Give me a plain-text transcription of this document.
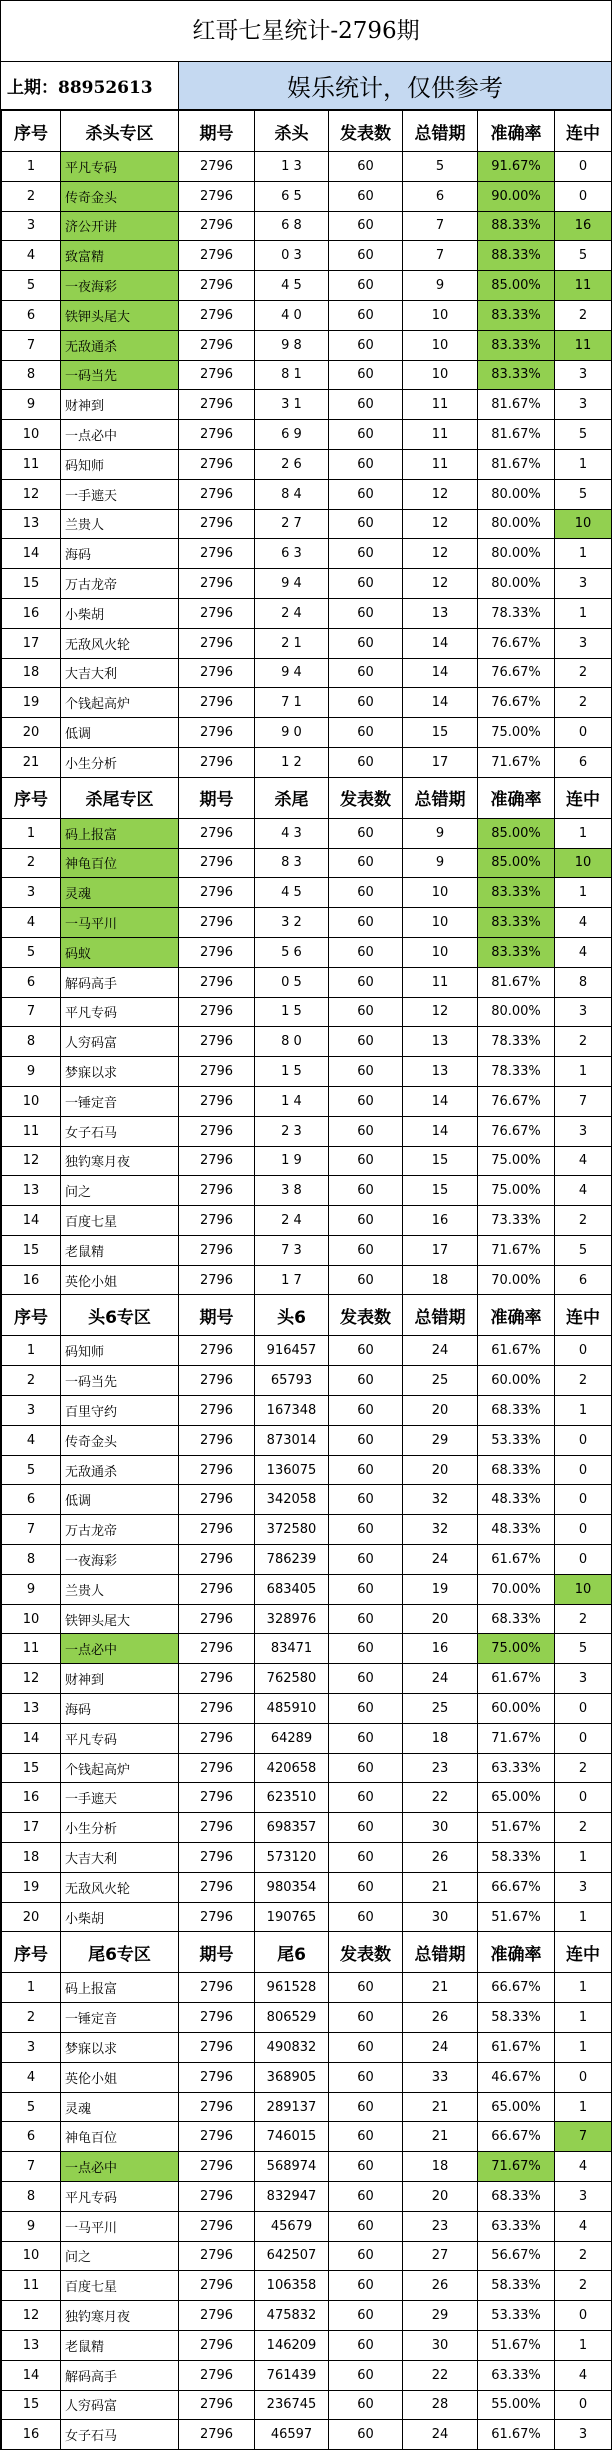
红哥七星统计-2796期
上期：88952613	娱乐统计，仅供参考
序号	杀头专区	期号	杀头	发表数	总错期	准确率	连中
1	平凡专码	2796	1 3	60	5	91.67%	0
2	传奇金头	2796	6 5	60	6	90.00%	0
3	济公开讲	2796	6 8	60	7	88.33%	16
4	致富精	2796	0 3	60	7	88.33%	5
5	一夜海彩	2796	4 5	60	9	85.00%	11
6	铁钾头尾大	2796	4 0	60	10	83.33%	2
7	无敌通杀	2796	9 8	60	10	83.33%	11
8	一码当先	2796	8 1	60	10	83.33%	3
9	财神到	2796	3 1	60	11	81.67%	3
10	一点必中	2796	6 9	60	11	81.67%	5
11	码知师	2796	2 6	60	11	81.67%	1
12	一手遮天	2796	8 4	60	12	80.00%	5
13	兰贵人	2796	2 7	60	12	80.00%	10
14	海码	2796	6 3	60	12	80.00%	1
15	万古龙帝	2796	9 4	60	12	80.00%	3
16	小柴胡	2796	2 4	60	13	78.33%	1
17	无敌风火轮	2796	2 1	60	14	76.67%	3
18	大吉大利	2796	9 4	60	14	76.67%	2
19	个钱起高炉	2796	7 1	60	14	76.67%	2
20	低调	2796	9 0	60	15	75.00%	0
21	小生分析	2796	1 2	60	17	71.67%	6
序号	杀尾专区	期号	杀尾	发表数	总错期	准确率	连中
1	码上报富	2796	4 3	60	9	85.00%	1
2	神龟百位	2796	8 3	60	9	85.00%	10
3	灵魂	2796	4 5	60	10	83.33%	1
4	一马平川	2796	3 2	60	10	83.33%	4
5	码蚁	2796	5 6	60	10	83.33%	4
6	解码高手	2796	0 5	60	11	81.67%	8
7	平凡专码	2796	1 5	60	12	80.00%	3
8	人穷码富	2796	8 0	60	13	78.33%	2
9	梦寐以求	2796	1 5	60	13	78.33%	1
10	一锤定音	2796	1 4	60	14	76.67%	7
11	女子石马	2796	2 3	60	14	76.67%	3
12	独钓寒月夜	2796	1 9	60	15	75.00%	4
13	问之	2796	3 8	60	15	75.00%	4
14	百度七星	2796	2 4	60	16	73.33%	2
15	老鼠精	2796	7 3	60	17	71.67%	5
16	英伦小姐	2796	1 7	60	18	70.00%	6
序号	头6专区	期号	头6	发表数	总错期	准确率	连中
1	码知师	2796	916457	60	24	61.67%	0
2	一码当先	2796	65793	60	25	60.00%	2
3	百里守约	2796	167348	60	20	68.33%	1
4	传奇金头	2796	873014	60	29	53.33%	0
5	无敌通杀	2796	136075	60	20	68.33%	0
6	低调	2796	342058	60	32	48.33%	0
7	万古龙帝	2796	372580	60	32	48.33%	0
8	一夜海彩	2796	786239	60	24	61.67%	0
9	兰贵人	2796	683405	60	19	70.00%	10
10	铁钾头尾大	2796	328976	60	20	68.33%	2
11	一点必中	2796	83471	60	16	75.00%	5
12	财神到	2796	762580	60	24	61.67%	3
13	海码	2796	485910	60	25	60.00%	0
14	平凡专码	2796	64289	60	18	71.67%	0
15	个钱起高炉	2796	420658	60	23	63.33%	2
16	一手遮天	2796	623510	60	22	65.00%	0
17	小生分析	2796	698357	60	30	51.67%	2
18	大吉大利	2796	573120	60	26	58.33%	1
19	无敌风火轮	2796	980354	60	21	66.67%	3
20	小柴胡	2796	190765	60	30	51.67%	1
序号	尾6专区	期号	尾6	发表数	总错期	准确率	连中
1	码上报富	2796	961528	60	21	66.67%	1
2	一锤定音	2796	806529	60	26	58.33%	1
3	梦寐以求	2796	490832	60	24	61.67%	1
4	英伦小姐	2796	368905	60	33	46.67%	0
5	灵魂	2796	289137	60	21	65.00%	1
6	神龟百位	2796	746015	60	21	66.67%	7
7	一点必中	2796	568974	60	18	71.67%	4
8	平凡专码	2796	832947	60	20	68.33%	3
9	一马平川	2796	45679	60	23	63.33%	4
10	问之	2796	642507	60	27	56.67%	2
11	百度七星	2796	106358	60	26	58.33%	2
12	独钓寒月夜	2796	475832	60	29	53.33%	0
13	老鼠精	2796	146209	60	30	51.67%	1
14	解码高手	2796	761439	60	22	63.33%	4
15	人穷码富	2796	236745	60	28	55.00%	0
16	女子石马	2796	46597	60	24	61.67%	3
